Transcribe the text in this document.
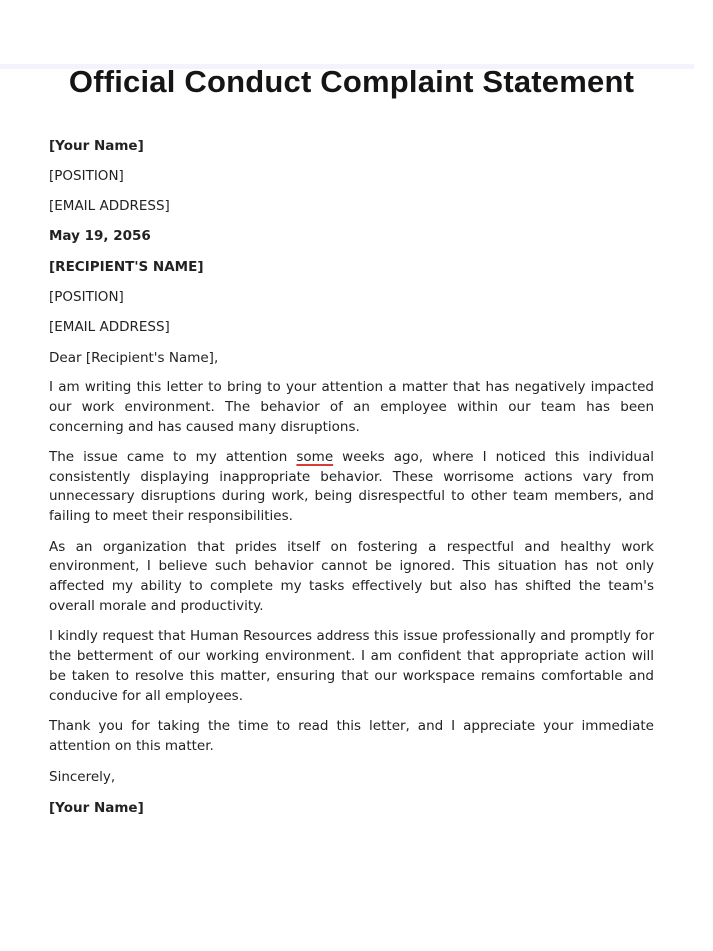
Official Conduct Complaint Statement

[Your Name]

[POSITION]

[EMAIL ADDRESS]

May 19, 2056

[RECIPIENT'S NAME]

[POSITION]

[EMAIL ADDRESS]

Dear [Recipient's Name],

I am writing this letter to bring to your attention a matter that has negatively impacted our work environment. The behavior of an employee within our team has been concerning and has caused many disruptions.

The issue came to my attention some weeks ago, where I noticed this individual consistently displaying inappropriate behavior. These worrisome actions vary from unnecessary disruptions during work, being disrespectful to other team members, and failing to meet their responsibilities.

As an organization that prides itself on fostering a respectful and healthy work environment, I believe such behavior cannot be ignored. This situation has not only affected my ability to complete my tasks effectively but also has shifted the team's overall morale and productivity.

I kindly request that Human Resources address this issue professionally and promptly for the betterment of our working environment. I am confident that appropriate action will be taken to resolve this matter, ensuring that our workspace remains comfortable and conducive for all employees.

Thank you for taking the time to read this letter, and I appreciate your immediate attention on this matter.

Sincerely,

[Your Name]
